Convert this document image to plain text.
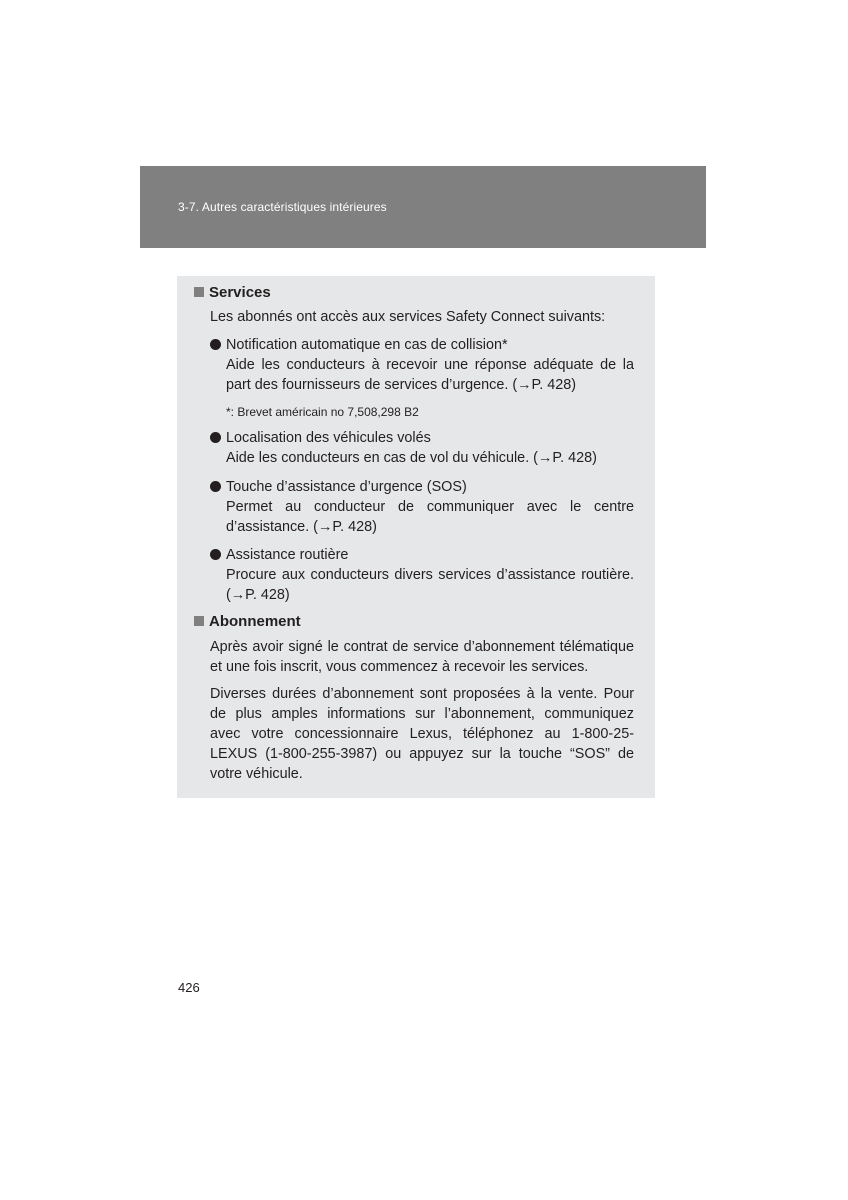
3-7. Autres caractéristiques intérieures
Services
Les abonnés ont accès aux services Safety Connect suivants:
Notification automatique en cas de collision*
Aide les conducteurs à recevoir une réponse adéquate de la part des fournisseurs de services d’urgence. (→P. 428)
*: Brevet américain no 7,508,298 B2
Localisation des véhicules volés
Aide les conducteurs en cas de vol du véhicule. (→P. 428)
Touche d’assistance d’urgence (SOS)
Permet au conducteur de communiquer avec le centre d’assistance. (→P. 428)
Assistance routière
Procure aux conducteurs divers services d’assistance routière. (→P. 428)
Abonnement
Après avoir signé le contrat de service d’abonnement télématique et une fois inscrit, vous commencez à recevoir les services.
Diverses durées d’abonnement sont proposées à la vente. Pour de plus amples informations sur l’abonnement, communiquez avec votre concessionnaire Lexus, téléphonez au 1-800-25-LEXUS (1-800-255-3987) ou appuyez sur la touche “SOS” de votre véhicule.
426
